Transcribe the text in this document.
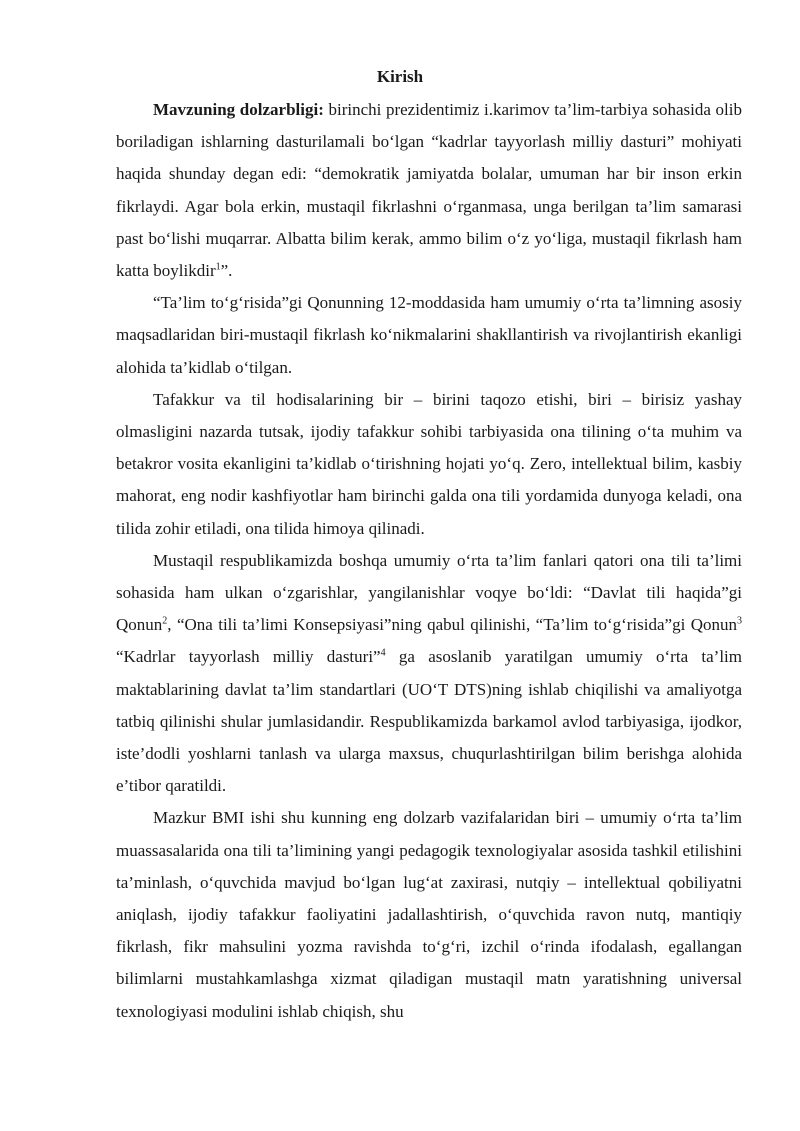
Kirish

Mavzuning dolzarbligi: birinchi prezidentimiz i.karimov ta’lim-tarbiya sohasida olib boriladigan ishlarning dasturilamali bo‘lgan “kadrlar tayyorlash milliy dasturi” mohiyati haqida shunday degan edi: “demokratik jamiyatda bolalar, umuman har bir inson erkin fikrlaydi. Agar bola erkin, mustaqil fikrlashni o‘rganmasa, unga berilgan ta’lim samarasi past bo‘lishi muqarrar. Albatta bilim kerak, ammo bilim o‘z yo‘liga, mustaqil fikrlash ham katta boylikdir$^1$”.

“Ta’lim to‘g‘risida”gi Qonunning 12-moddasida ham umumiy o‘rta ta’limning asosiy maqsadlaridan biri-mustaqil fikrlash ko‘nikmalarini shakllantirish va rivojlantirish ekanligi alohida ta’kidlab o‘tilgan.

Tafakkur va til hodisalarining bir – birini taqozo etishi, biri – birisiz yashay olmasligini nazarda tutsak, ijodiy tafakkur sohibi tarbiyasida ona tilining o‘ta muhim va betakror vosita ekanligini ta’kidlab o‘tirishning hojati yo‘q. Zero, intellektual bilim, kasbiy mahorat, eng nodir kashfiyotlar ham birinchi galda ona tili yordamida dunyoga keladi, ona tilida zohir etiladi, ona tilida himoya qilinadi.

Mustaqil respublikamizda boshqa umumiy o‘rta ta’lim fanlari qatori ona tili ta’limi sohasida ham ulkan o‘zgarishlar, yangilanishlar voqye bo‘ldi: “Davlat tili haqida”gi Qonun$^2$, “Ona tili ta’limi Konsepsiyasi”ning qabul qilinishi, “Ta’lim to‘g‘risida”gi Qonun$^3$ “Kadrlar tayyorlash milliy dasturi”$^4$ ga asoslanib yaratilgan umumiy o‘rta ta’lim maktablarining davlat ta’lim standartlari (UO‘T DTS)ning ishlab chiqilishi va amaliyotga tatbiq qilinishi shular jumlasidandir. Respublikamizda barkamol avlod tarbiyasiga, ijodkor, iste’dodli yoshlarni tanlash va ularga maxsus, chuqurlashtirilgan bilim berishga alohida e’tibor qaratildi.

Mazkur BMI ishi shu kunning eng dolzarb vazifalaridan biri – umumiy o‘rta ta’lim muassasalarida ona tili ta’limining yangi pedagogik texnologiyalar asosida tashkil etilishini ta’minlash, o‘quvchida mavjud bo‘lgan lug‘at zaxirasi, nutqiy – intellektual qobiliyatni aniqlash, ijodiy tafakkur faoliyatini jadallashtirish, o‘quvchida ravon nutq, mantiqiy fikrlash, fikr mahsulini yozma ravishda to‘g‘ri, izchil o‘rinda ifodalash, egallangan bilimlarni mustahkamlashga xizmat qiladigan mustaqil matn yaratishning universal texnologiyasi modulini ishlab chiqish, shu
